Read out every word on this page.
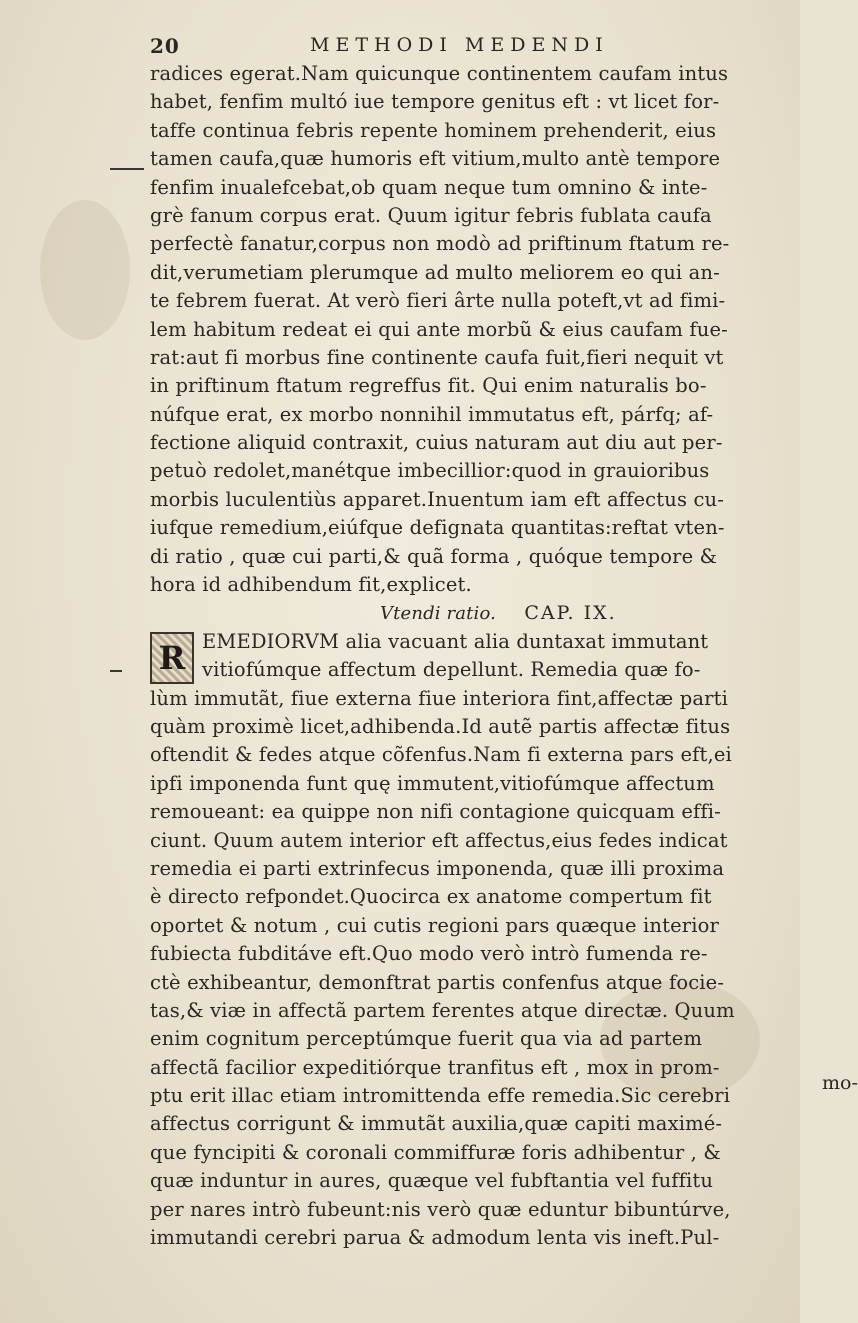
20	METHODI MEDENDI
radices egerat.Nam quicunque continentem caufam intus
habet, fenfim multó iue tempore genitus eft : vt licet for-
taffe continua febris repente hominem prehenderit, eius
tamen caufa,quæ humoris eft vitium,multo antè tempore
fenfim inualefcebat,ob quam neque tum omnino & inte-
grè fanum corpus erat. Quum igitur febris fublata caufa
perfectè fanatur,corpus non modò ad priftinum ftatum re-
dit,verumetiam plerumque ad multo meliorem eo qui an-
te febrem fuerat. At verò fieri ârte nulla poteft,vt ad fimi-
lem habitum redeat ei qui ante morbũ & eius caufam fue-
rat:aut fi morbus fine continente caufa fuit,fieri nequit vt
in priftinum ftatum regreffus fit. Qui enim naturalis bo-
núfque erat, ex morbo nonnihil immutatus eft, párfq; af-
fectione aliquid contraxit, cuius naturam aut diu aut per-
petuò redolet,manétque imbecillior:quod in grauioribus
morbis luculentiùs apparet.Inuentum iam eft affectus cu-
iufque remedium,eiúfque defignata quantitas:reftat vten-
di ratio , quæ cui parti,& quã forma , quóque tempore &
hora id adhibendum fit,explicet.
Vtendi ratio. CAP. IX.
R EMEDIORVM alia vacuant alia duntaxat immutant
vitiofúmque affectum depellunt. Remedia quæ fo-
lùm immutãt, fiue externa fiue interiora fint,affectæ parti
quàm proximè licet,adhibenda.Id autẽ partis affectæ fitus
oftendit & fedes atque cõfenfus.Nam fi externa pars eft,ei
ipfi imponenda funt quę immutent,vitiofúmque affectum
remoueant: ea quippe non nifi contagione quicquam effi-
ciunt. Quum autem interior eft affectus,eius fedes indicat
remedia ei parti extrinfecus imponenda, quæ illi proxima
è directo refpondet.Quocirca ex anatome compertum fit
oportet & notum , cui cutis regioni pars quæque interior
fubiecta fubditáve eft.Quo modo verò intrò fumenda re-
ctè exhibeantur, demonftrat partis confenfus atque focie-
tas,& viæ in affectã partem ferentes atque directæ. Quum
enim cognitum perceptúmque fuerit qua via ad partem
affectã facilior expeditiórque tranfitus eft , mox in prom-
ptu erit illac etiam intromittenda effe remedia.Sic cerebri
affectus corrigunt & immutãt auxilia,quæ capiti maximé-
que fyncipiti & coronali commiffuræ foris adhibentur , &
quæ induntur in aures, quæque vel fubftantia vel fuffitu
per nares intrò fubeunt:nis verò quæ eduntur bibuntúrve,
immutandi cerebri parua & admodum lenta vis ineft.Pul-
mo-
